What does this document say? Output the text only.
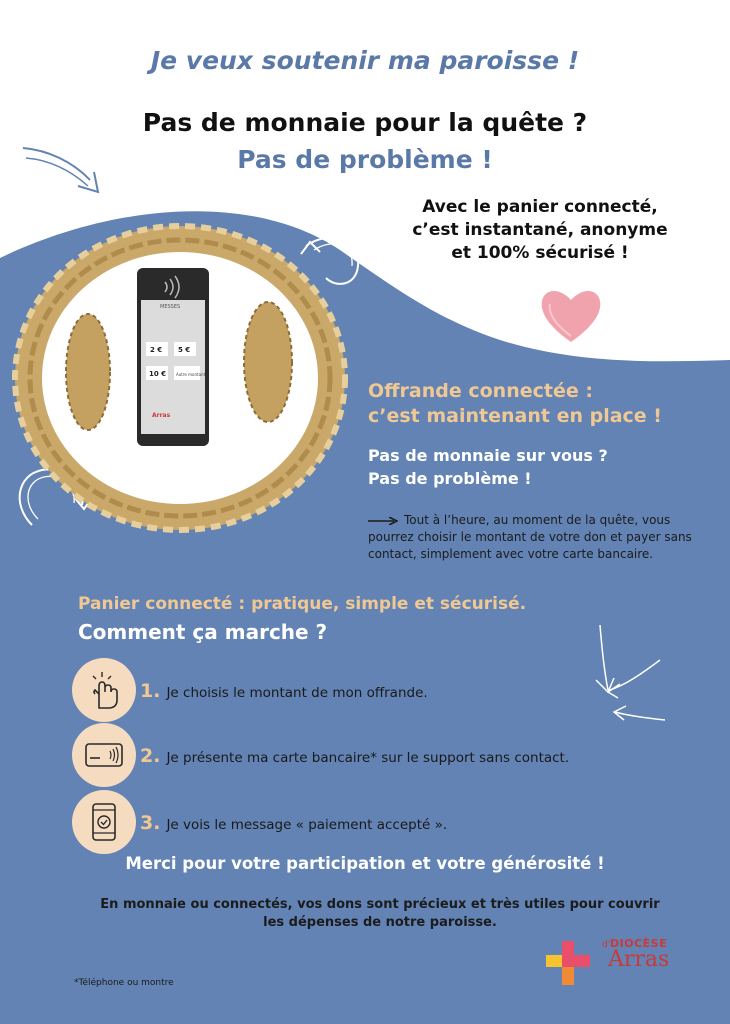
Je veux soutenir ma paroisse !
Pas de monnaie pour la quête ?
Pas de problème !
Avec le panier connecté,
c’est instantané, anonyme
et 100% sécurisé !
MESSES
2 € 5 €
10 € Autre montant
Arras
Offrande connectée :
c’est maintenant en place !
Pas de monnaie sur vous ?
Pas de problème !
Tout à l’heure, au moment de la quête, vous pourrez choisir le montant de votre don et payer sans contact, simplement avec votre carte bancaire.
Panier connecté : pratique, simple et sécurisé.
Comment ça marche ?
1. Je choisis le montant de mon offrande.
2. Je présente ma carte bancaire* sur le support sans contact.
3. Je vois le message « paiement accepté ».
Merci pour votre participation et votre générosité !
En monnaie ou connectés, vos dons sont précieux et très utiles pour couvrir les dépenses de notre paroisse.
*Téléphone ou montre
DIOCÈSE
d’
Arras
